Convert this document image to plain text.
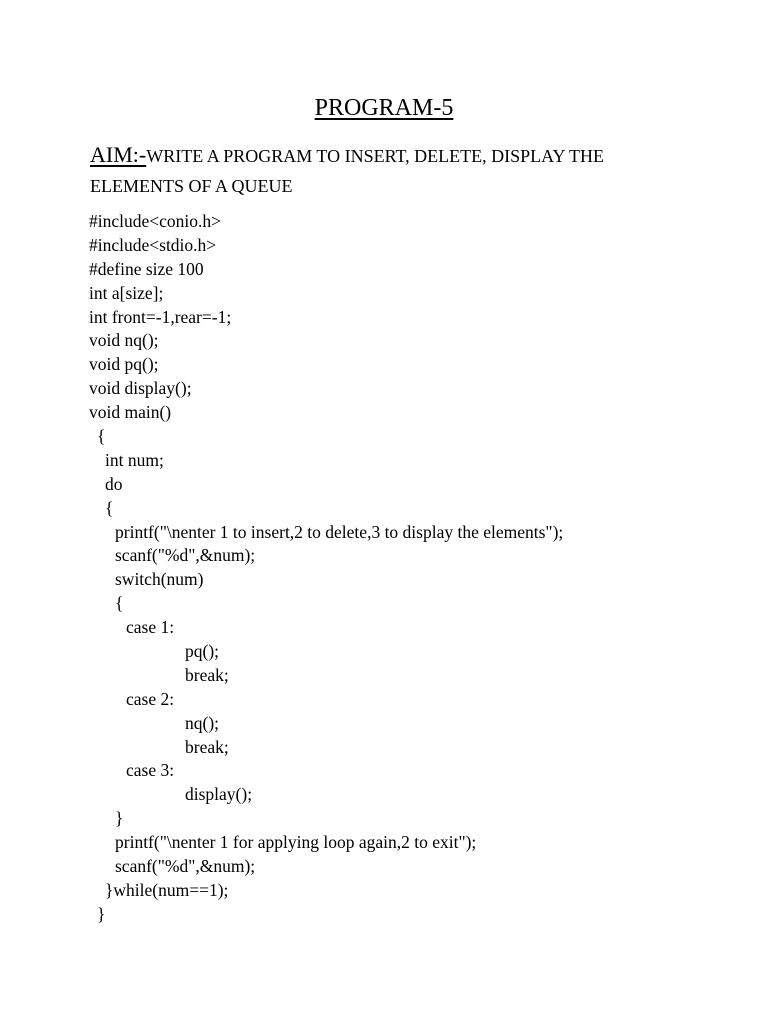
PROGRAM-5
AIM:-WRITE A PROGRAM TO INSERT, DELETE, DISPLAY THE
ELEMENTS OF A QUEUE
#include<conio.h>
#include<stdio.h>
#define size 100
int a[size];
int front=-1,rear=-1;
void nq();
void pq();
void display();
void main()
{
int num;
do
{
printf("\nenter 1 to insert,2 to delete,3 to display the elements");
scanf("%d",&num);
switch(num)
{
case 1:
pq();
break;
case 2:
nq();
break;
case 3:
display();
}
printf("\nenter 1 for applying loop again,2 to exit");
scanf("%d",&num);
}while(num==1);
}
